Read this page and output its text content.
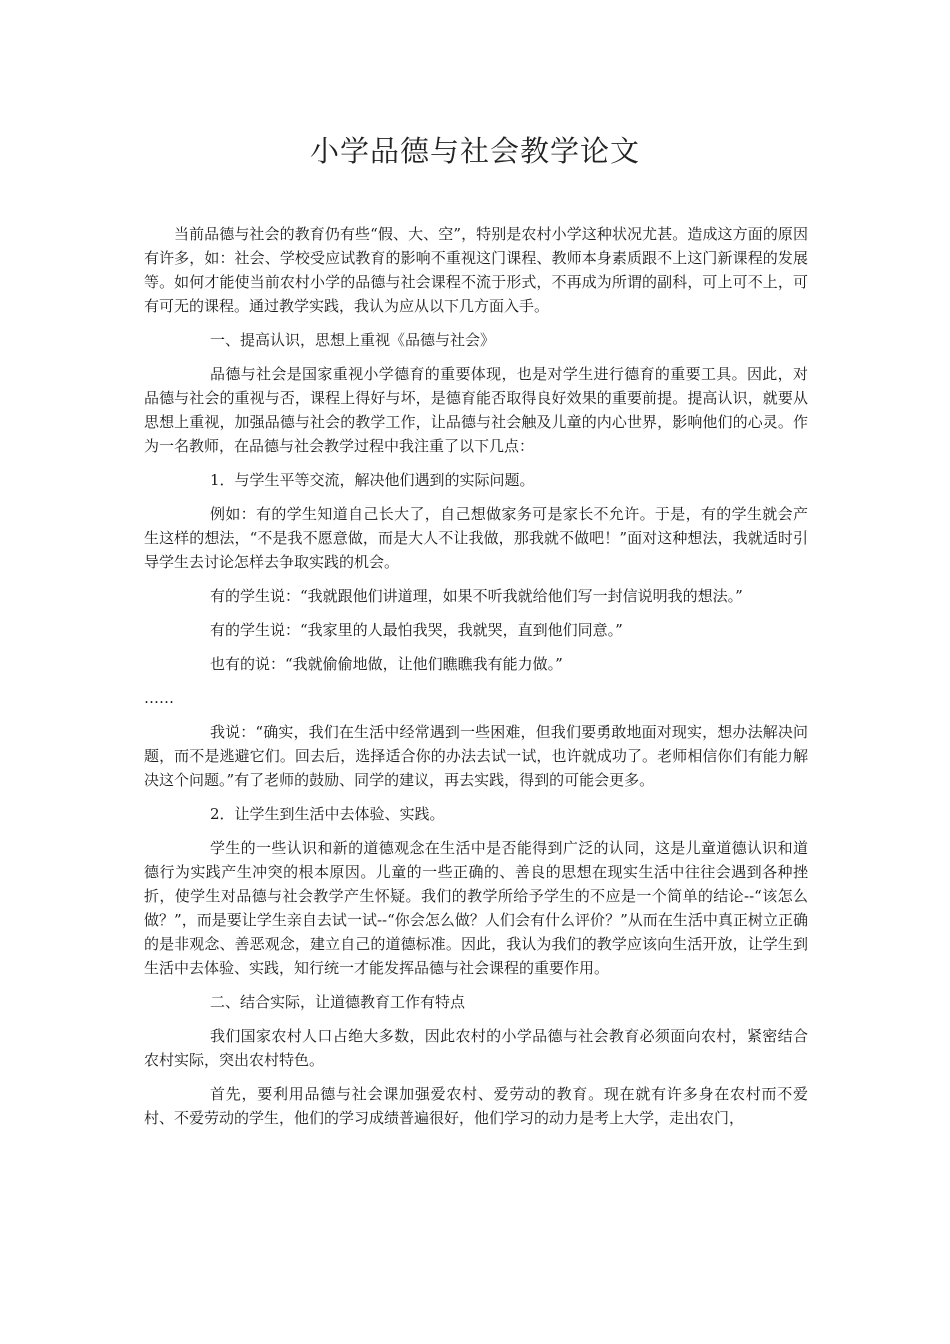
小学品德与社会教学论文

当前品德与社会的教育仍有些“假、大、空”，特别是农村小学这种状况尤甚。造成这方面的原因有许多，如：社会、学校受应试教育的影响不重视这门课程、教师本身素质跟不上这门新课程的发展等。如何才能使当前农村小学的品德与社会课程不流于形式，不再成为所谓的副科，可上可不上，可有可无的课程。通过教学实践，我认为应从以下几方面入手。

一、提高认识，思想上重视《品德与社会》

品德与社会是国家重视小学德育的重要体现，也是对学生进行德育的重要工具。因此，对品德与社会的重视与否，课程上得好与坏，是德育能否取得良好效果的重要前提。提高认识，就要从思想上重视，加强品德与社会的教学工作，让品德与社会触及儿童的内心世界，影响他们的心灵。作为一名教师，在品德与社会教学过程中我注重了以下几点：

1．与学生平等交流，解决他们遇到的实际问题。

例如：有的学生知道自己长大了，自己想做家务可是家长不允许。于是，有的学生就会产生这样的想法，“不是我不愿意做，而是大人不让我做，那我就不做吧！”面对这种想法，我就适时引导学生去讨论怎样去争取实践的机会。

有的学生说：“我就跟他们讲道理，如果不听我就给他们写一封信说明我的想法。”

有的学生说：“我家里的人最怕我哭，我就哭，直到他们同意。”

也有的说：“我就偷偷地做，让他们瞧瞧我有能力做。”

……

我说：“确实，我们在生活中经常遇到一些困难，但我们要勇敢地面对现实，想办法解决问题，而不是逃避它们。回去后，选择适合你的办法去试一试，也许就成功了。老师相信你们有能力解决这个问题。”有了老师的鼓励、同学的建议，再去实践，得到的可能会更多。

2．让学生到生活中去体验、实践。

学生的一些认识和新的道德观念在生活中是否能得到广泛的认同，这是儿童道德认识和道德行为实践产生冲突的根本原因。儿童的一些正确的、善良的思想在现实生活中往往会遇到各种挫折，使学生对品德与社会教学产生怀疑。我们的教学所给予学生的不应是一个简单的结论--“该怎么做？”，而是要让学生亲自去试一试--“你会怎么做？人们会有什么评价？”从而在生活中真正树立正确的是非观念、善恶观念，建立自己的道德标准。因此，我认为我们的教学应该向生活开放，让学生到生活中去体验、实践，知行统一才能发挥品德与社会课程的重要作用。

二、结合实际，让道德教育工作有特点

我们国家农村人口占绝大多数，因此农村的小学品德与社会教育必须面向农村，紧密结合农村实际，突出农村特色。

首先，要利用品德与社会课加强爱农村、爱劳动的教育。现在就有许多身在农村而不爱村、不爱劳动的学生，他们的学习成绩普遍很好，他们学习的动力是考上大学，走出农门，
